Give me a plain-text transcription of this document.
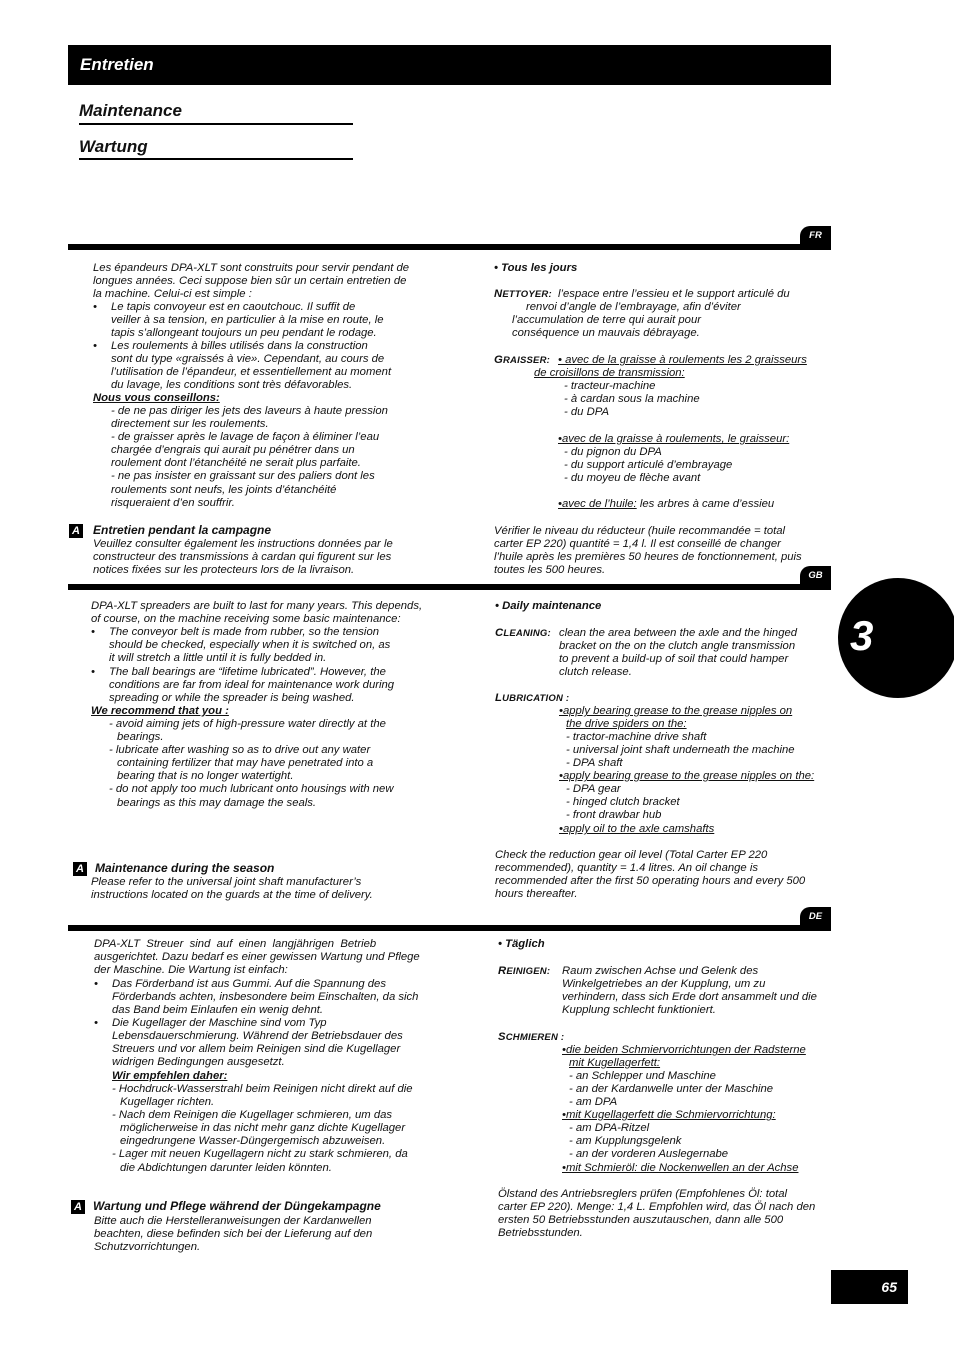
Entretien
Maintenance
Wartung
3
FR
Les épandeurs DPA-XLT sont construits pour servir pendant de
longues années. Ceci suppose bien sûr un certain entretien de
la machine. Celui-ci est simple :
• Le tapis convoyeur est en caoutchouc. Il suffit de
veiller à sa tension, en particulier à la mise en route, le
tapis s’allongeant toujours un peu pendant le rodage.
• Les roulements à billes utilisés dans la construction
sont du type «graissés à vie». Cependant, au cours de
l’utilisation de l’épandeur, et essentiellement au moment
du lavage, les conditions sont très défavorables.
Nous vous conseillons:
- de ne pas diriger les jets des laveurs à haute pression
directement sur les roulements.
- de graisser après le lavage de façon à éliminer l’eau
chargée d’engrais qui aurait pu pénétrer dans un
roulement dont l’étanchéité ne serait plus parfaite.
- ne pas insister en graissant sur des paliers dont les
roulements sont neufs, les joints d’étanchéité
risqueraient d’en souffrir.
A Entretien pendant la campagne
Veuillez consulter également les instructions données par le
constructeur des transmissions à cardan qui figurent sur les
notices fixées sur les protecteurs lors de la livraison.
• Tous les jours
NETTOYER: l’espace entre l’essieu et le support articulé du
renvoi d’angle de l’embrayage, afin d’éviter
l’accumulation de terre qui aurait pour
conséquence un mauvais débrayage.
GRAISSER: • avec de la graisse à roulements les 2 graisseurs
de croisillons de transmission:
- tracteur-machine
- à cardan sous la machine
- du DPA
•avec de la graisse à roulements, le graisseur:
- du pignon du DPA
- du support articulé d’embrayage
- du moyeu de flèche avant
•avec de l’huile: les arbres à came d’essieu
Vérifier le niveau du réducteur (huile recommandée = total
carter EP 220) quantité = 1,4 l. Il est conseillé de changer
l’huile après les premières 50 heures de fonctionnement, puis
toutes les 500 heures.	GB
DPA-XLT spreaders are built to last for many years. This depends,
of course, on the machine receiving some basic maintenance:
• The conveyor belt is made from rubber, so the tension
should be checked, especially when it is switched on, as
it will stretch a little until it is fully bedded in.
• The ball bearings are “lifetime lubricated”. However, the
conditions are far from ideal for maintenance work during
spreading or while the spreader is being washed.
We recommend that you :
- avoid aiming jets of high-pressure water directly at the
bearings.
- lubricate after washing so as to drive out any water
containing fertilizer that may have penetrated into a
bearing that is no longer watertight.
- do not apply too much lubricant onto housings with new
bearings as this may damage the seals.
A Maintenance during the season
Please refer to the universal joint shaft manufacturer’s
instructions located on the guards at the time of delivery.
• Daily maintenance
CLEANING: clean the area between the axle and the hinged
bracket on the on the clutch angle transmission
to prevent a build-up of soil that could hamper
clutch release.
LUBRICATION :
•apply bearing grease to the grease nipples on
the drive spiders on the:
- tractor-machine drive shaft
- universal joint shaft underneath the machine
- DPA shaft
•apply bearing grease to the grease nipples on the:
- DPA gear
- hinged clutch bracket
- front drawbar hub
•apply oil to the axle camshafts
Check the reduction gear oil level (Total Carter EP 220
recommended), quantity = 1.4 litres. An oil change is
recommended after the first 50 operating hours and every 500
hours thereafter.
DE
DPA-XLT  Streuer  sind  auf  einen  langjährigen  Betrieb
ausgerichtet. Dazu bedarf es einer gewissen Wartung und Pflege
der Maschine. Die Wartung ist einfach:
• Das Förderband ist aus Gummi. Auf die Spannung des
Förderbands achten, insbesondere beim Einschalten, da sich
das Band beim Einlaufen ein wenig dehnt.
• Die Kugellager der Maschine sind vom Typ
Lebensdauerschmierung. Während der Betriebsdauer des
Streuers und vor allem beim Reinigen sind die Kugellager
widrigen Bedingungen ausgesetzt.
Wir empfehlen daher:
- Hochdruck-Wasserstrahl beim Reinigen nicht direkt auf die
Kugellager richten.
- Nach dem Reinigen die Kugellager schmieren, um das
möglicherweise in das nicht mehr ganz dichte Kugellager
eingedrungene Wasser-Düngergemisch abzuweisen.
- Lager mit neuen Kugellagern nicht zu stark schmieren, da
die Abdichtungen darunter leiden könnten.
A Wartung und Pflege während der Düngekampagne
Bitte auch die Herstelleranweisungen der Kardanwellen
beachten, diese befinden sich bei der Lieferung auf den
Schutzvorrichtungen.
• Täglich
REINIGEN: Raum zwischen Achse und Gelenk des
Winkelgetriebes an der Kupplung, um zu
verhindern, dass sich Erde dort ansammelt und die
Kupplung schlecht funktioniert.
SCHMIEREN :
•die beiden Schmiervorrichtungen der Radsterne
mit Kugellagerfett:
- an Schlepper und Maschine
- an der Kardanwelle unter der Maschine
- am DPA
•mit Kugellagerfett die Schmiervorrichtung:
- am DPA-Ritzel
- am Kupplungsgelenk
- an der vorderen Auslegernabe
•mit Schmieröl: die Nockenwellen an der Achse
Ölstand des Antriebsreglers prüfen (Empfohlenes Öl: total
carter EP 220). Menge: 1,4 L. Empfohlen wird, das Öl nach den
ersten 50 Betriebsstunden auszutauschen, dann alle 500
Betriebsstunden.
65
